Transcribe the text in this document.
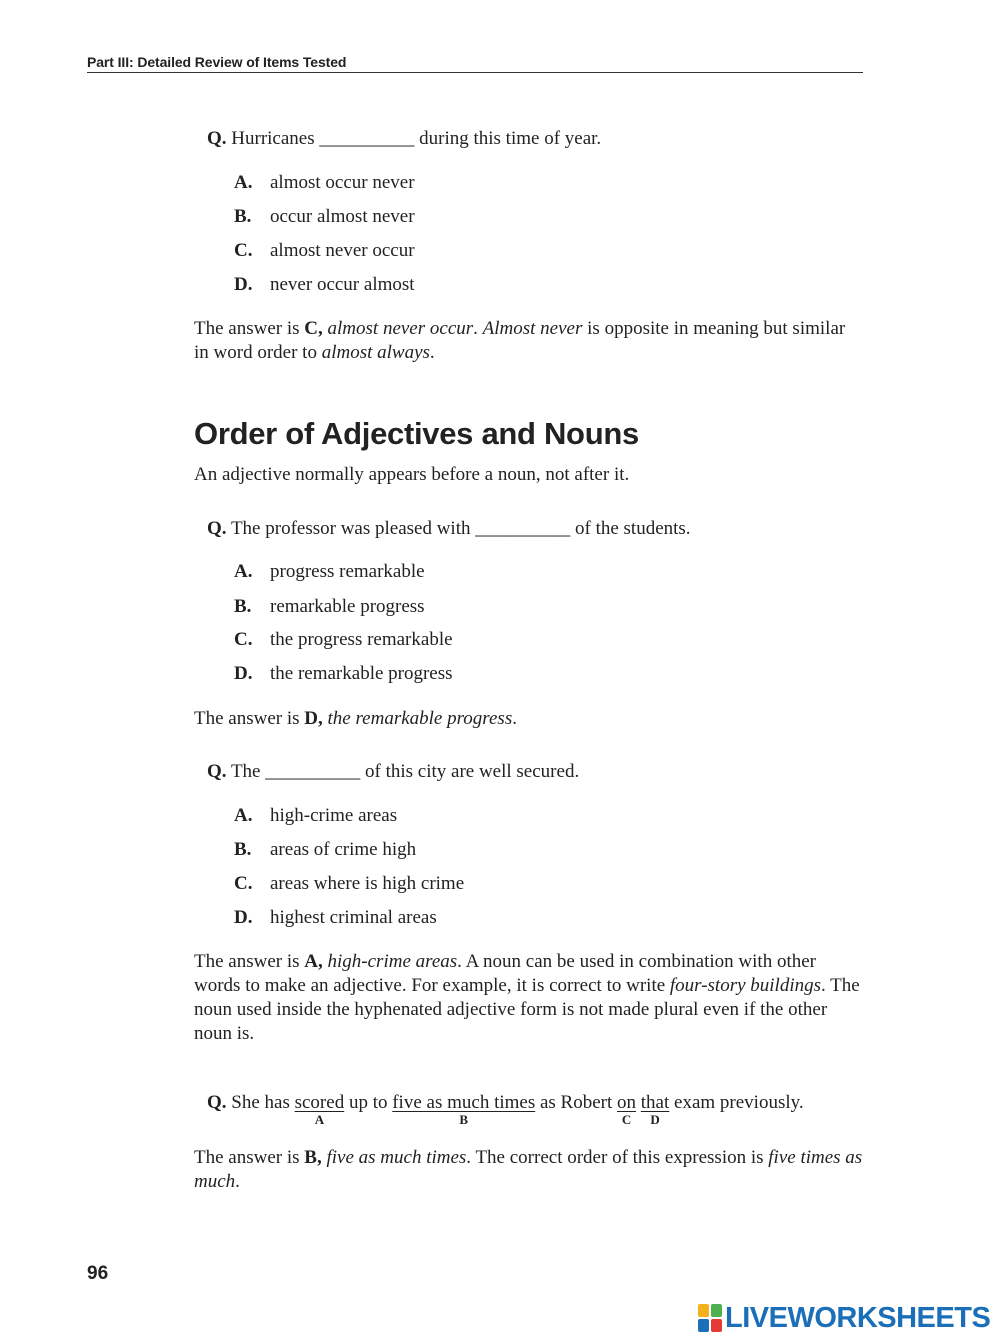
Part III: Detailed Review of Items Tested
Q. Hurricanes __________ during this time of year.
A. almost occur never
B. occur almost never
C. almost never occur
D. never occur almost
The answer is C, almost never occur. Almost never is opposite in meaning but similar in word order to almost always.
Order of Adjectives and Nouns
An adjective normally appears before a noun, not after it.
Q. The professor was pleased with __________ of the students.
A. progress remarkable
B. remarkable progress
C. the progress remarkable
D. the remarkable progress
The answer is D, the remarkable progress.
Q. The __________ of this city are well secured.
A. high-crime areas
B. areas of crime high
C. areas where is high crime
D. highest criminal areas
The answer is A, high-crime areas. A noun can be used in combination with other words to make an adjective. For example, it is correct to write four-story buildings. The noun used inside the hyphenated adjective form is not made plural even if the other noun is.
Q. She has scored
A
up to five as much times
B
as Robert on
C
that
D
exam previously.
The answer is B, five as much times. The correct order of this expression is five times as much.
96
LIVEWORKSHEETS
